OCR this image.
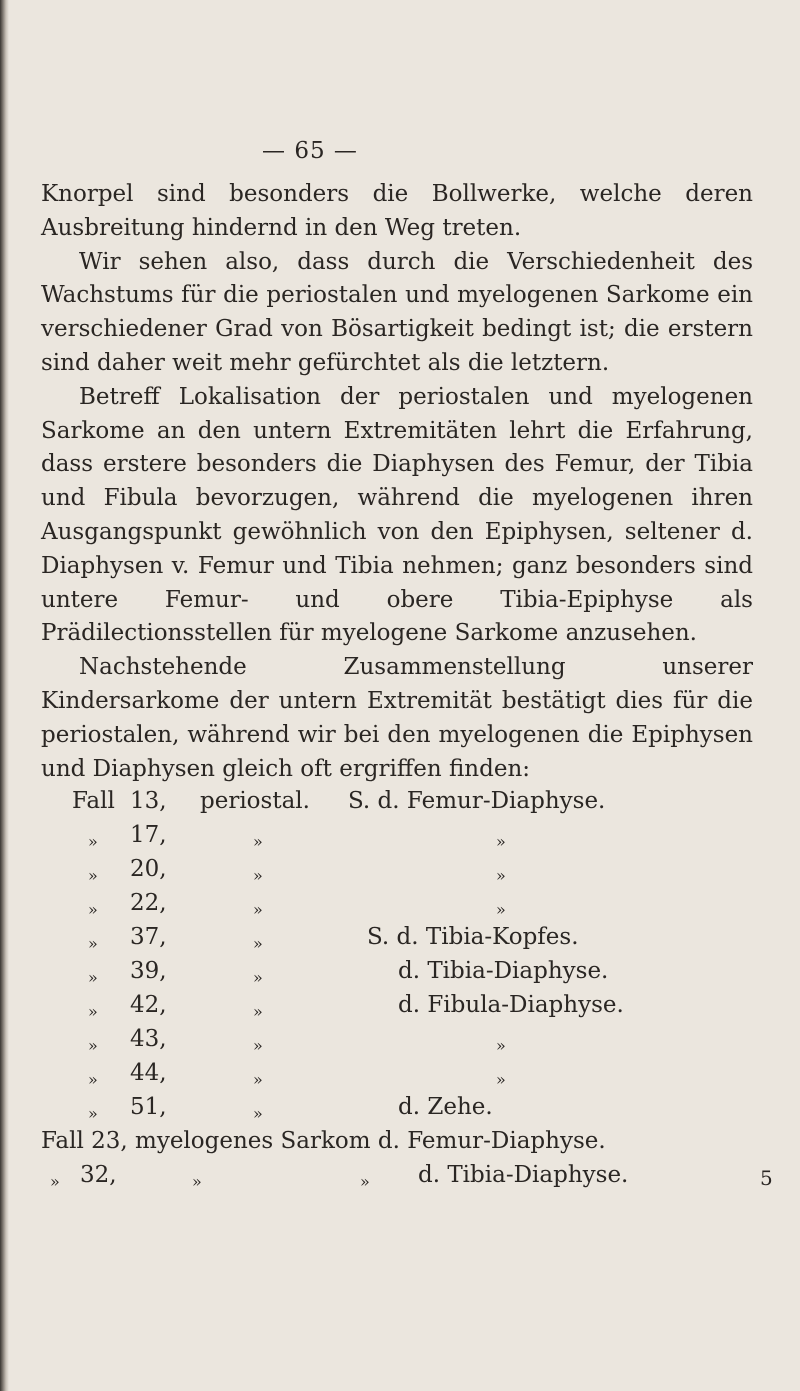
— 65 —

Knorpel sind besonders die Bollwerke, welche deren Ausbreitung hindernd in den Weg treten.

Wir sehen also, dass durch die Verschiedenheit des Wachstums für die periostalen und myelogenen Sarkome ein verschiedener Grad von Bösartigkeit bedingt ist; die erstern sind daher weit mehr gefürchtet als die letztern.

Betreff Lokalisation der periostalen und myelogenen Sarkome an den untern Extremitäten lehrt die Erfahrung, dass erstere besonders die Diaphysen des Femur, der Tibia und Fibula bevorzugen, während die myelogenen ihren Ausgangspunkt gewöhnlich von den Epiphysen, seltener d. Diaphysen v. Femur und Tibia nehmen; ganz besonders sind untere Femur- und obere Tibia-Epiphyse als Prädilectionsstellen für myelogene Sarkome anzusehen.

Nachstehende Zusammenstellung unserer Kindersarkome der untern Extremität bestätigt dies für die periostalen, während wir bei den myelogenen die Epiphysen und Diaphysen gleich oft ergriffen finden:

Fall 13, periostal. S. d. Femur-Diaphyse.
» 17,	»	»
» 20,	»	»
» 22,	»	»
» 37,	»	S. d. Tibia-Kopfes.
» 39,	»	d. Tibia-Diaphyse.
» 42,	»	d. Fibula-Diaphyse.
» 43,	»	»
» 44,	»	»
» 51,	»	d. Zehe.
Fall 23, myelogenes Sarkom d. Femur-Diaphyse.
» 32,	»	» d. Tibia-Diaphyse.	5
